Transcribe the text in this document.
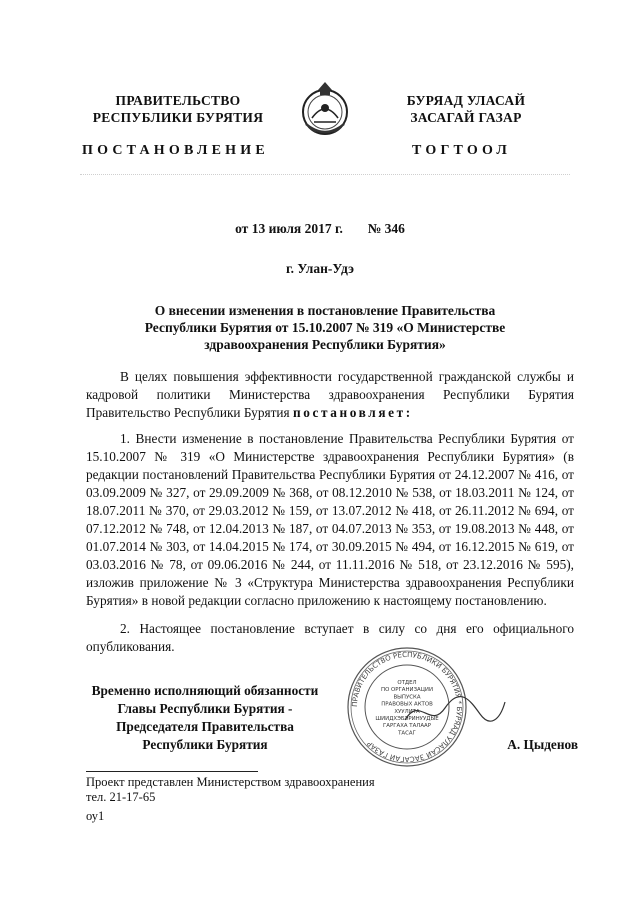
ПРАВИТЕЛЬСТВО
РЕСПУБЛИКИ БУРЯТИЯ
БУРЯАД УЛАСАЙ
ЗАСАГАЙ ГАЗАР
ПОСТАНОВЛЕНИЕ	ТОГТООЛ
от 13 июля 2017 г. № 346
г. Улан-Удэ
О внесении изменения в постановление Правительства
Республики Бурятия от 15.10.2007 № 319 «О Министерстве
здравоохранения Республики Бурятия»
В целях повышения эффективности государственной гражданской службы и кадровой политики Министерства здравоохранения Республики Бурятия Правительство Республики Бурятия постановляет:
1. Внести изменение в постановление Правительства Республики Бурятия от 15.10.2007 № 319 «О Министерстве здравоохранения Республики Бурятия» (в редакции постановлений Правительства Республики Бурятия от 24.12.2007 № 416, от 03.09.2009 № 327, от 29.09.2009 № 368, от 08.12.2010 № 538, от 18.03.2011 № 124, от 18.07.2011 № 370, от 29.03.2012 № 159, от 13.07.2012 № 418, от 26.11.2012 № 694, от 07.12.2012 № 748, от 12.04.2013 № 187, от 04.07.2013 № 353, от 19.08.2013 № 448, от 01.07.2014 № 303, от 14.04.2015 № 174, от 30.09.2015 № 494, от 16.12.2015 № 619, от 03.03.2016 № 78, от 09.06.2016 № 244, от 11.11.2016 № 518, от 23.12.2016 № 595), изложив приложение № 3 «Структура Министерства здравоохранения Республики Бурятия» в новой редакции согласно приложению к настоящему постановлению.
2. Настоящее постановление вступает в силу со дня его официального опубликования.
Временно исполняющий обязанности
Главы Республики Бурятия -
Председателя Правительства
Республики Бурятия
ПРАВИТЕЛЬСТВО РЕСПУБЛИКИ БУРЯТИЯ * БУРЯАД УЛАСАЙ ЗАСАГАЙ ГАЗАР
ОТДЕЛ
ПО ОРГАНИЗАЦИИ
ВЫПУСКА
ПРАВОВЫХ АКТОВ
ХУУЛИТА
ШИИДХЭБЭРИНУУДЫЕ
ГАРГАХА ТАЛААР
ТАСАГ
А. Цыденов
Проект представлен Министерством здравоохранения
тел. 21-17-65
оу1
